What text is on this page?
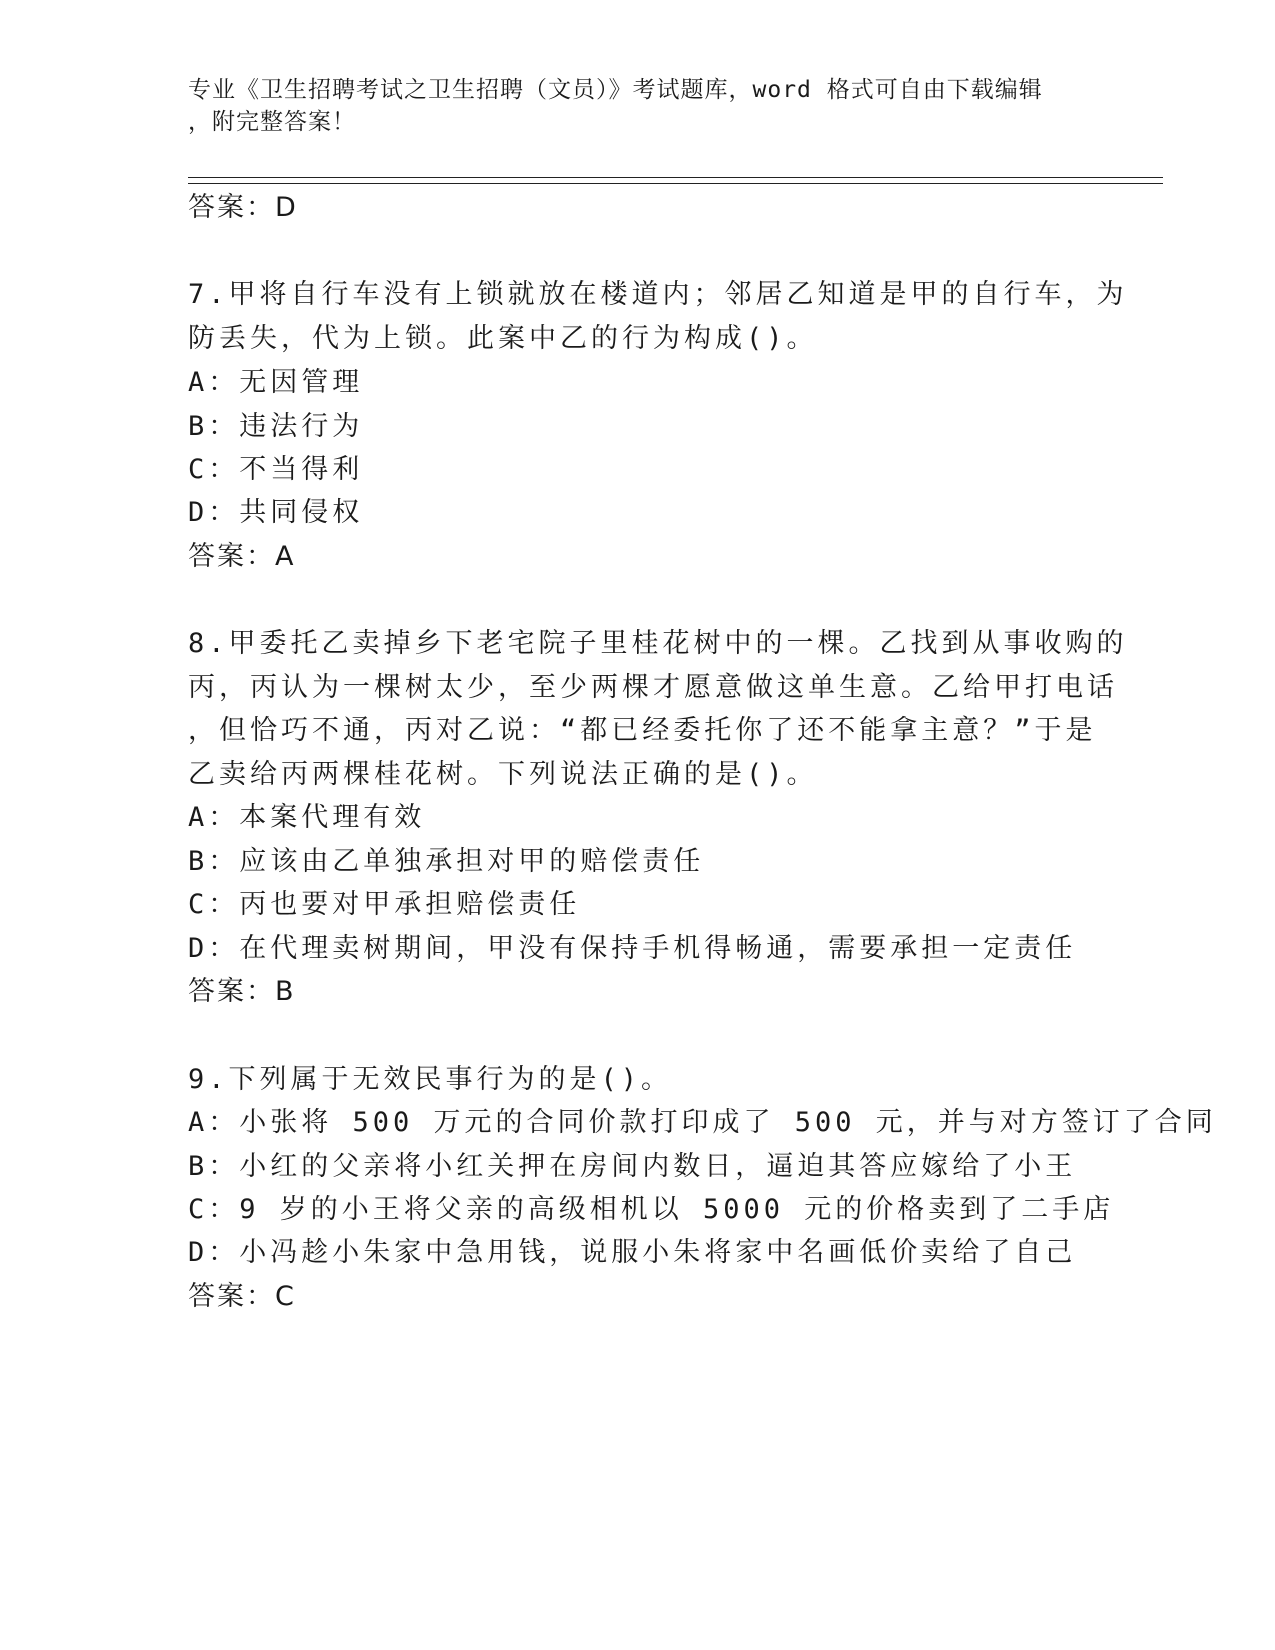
专业《卫生招聘考试之卫生招聘（文员）》考试题库，word 格式可自由下载编辑
，附完整答案！
答案：D
7.甲将自行车没有上锁就放在楼道内；邻居乙知道是甲的自行车，为
防丢失，代为上锁。此案中乙的行为构成()。
A：无因管理
B：违法行为
C：不当得利
D：共同侵权
答案：A
8.甲委托乙卖掉乡下老宅院子里桂花树中的一棵。乙找到从事收购的
丙，丙认为一棵树太少，至少两棵才愿意做这单生意。乙给甲打电话
，但恰巧不通，丙对乙说：“都已经委托你了还不能拿主意？”于是
乙卖给丙两棵桂花树。下列说法正确的是()。
A：本案代理有效
B：应该由乙单独承担对甲的赔偿责任
C：丙也要对甲承担赔偿责任
D：在代理卖树期间，甲没有保持手机得畅通，需要承担一定责任
答案：B
9.下列属于无效民事行为的是()。
A：小张将 500 万元的合同价款打印成了 500 元，并与对方签订了合同
B：小红的父亲将小红关押在房间内数日，逼迫其答应嫁给了小王
C：9 岁的小王将父亲的高级相机以 5000 元的价格卖到了二手店
D：小冯趁小朱家中急用钱，说服小朱将家中名画低价卖给了自己
答案：C
